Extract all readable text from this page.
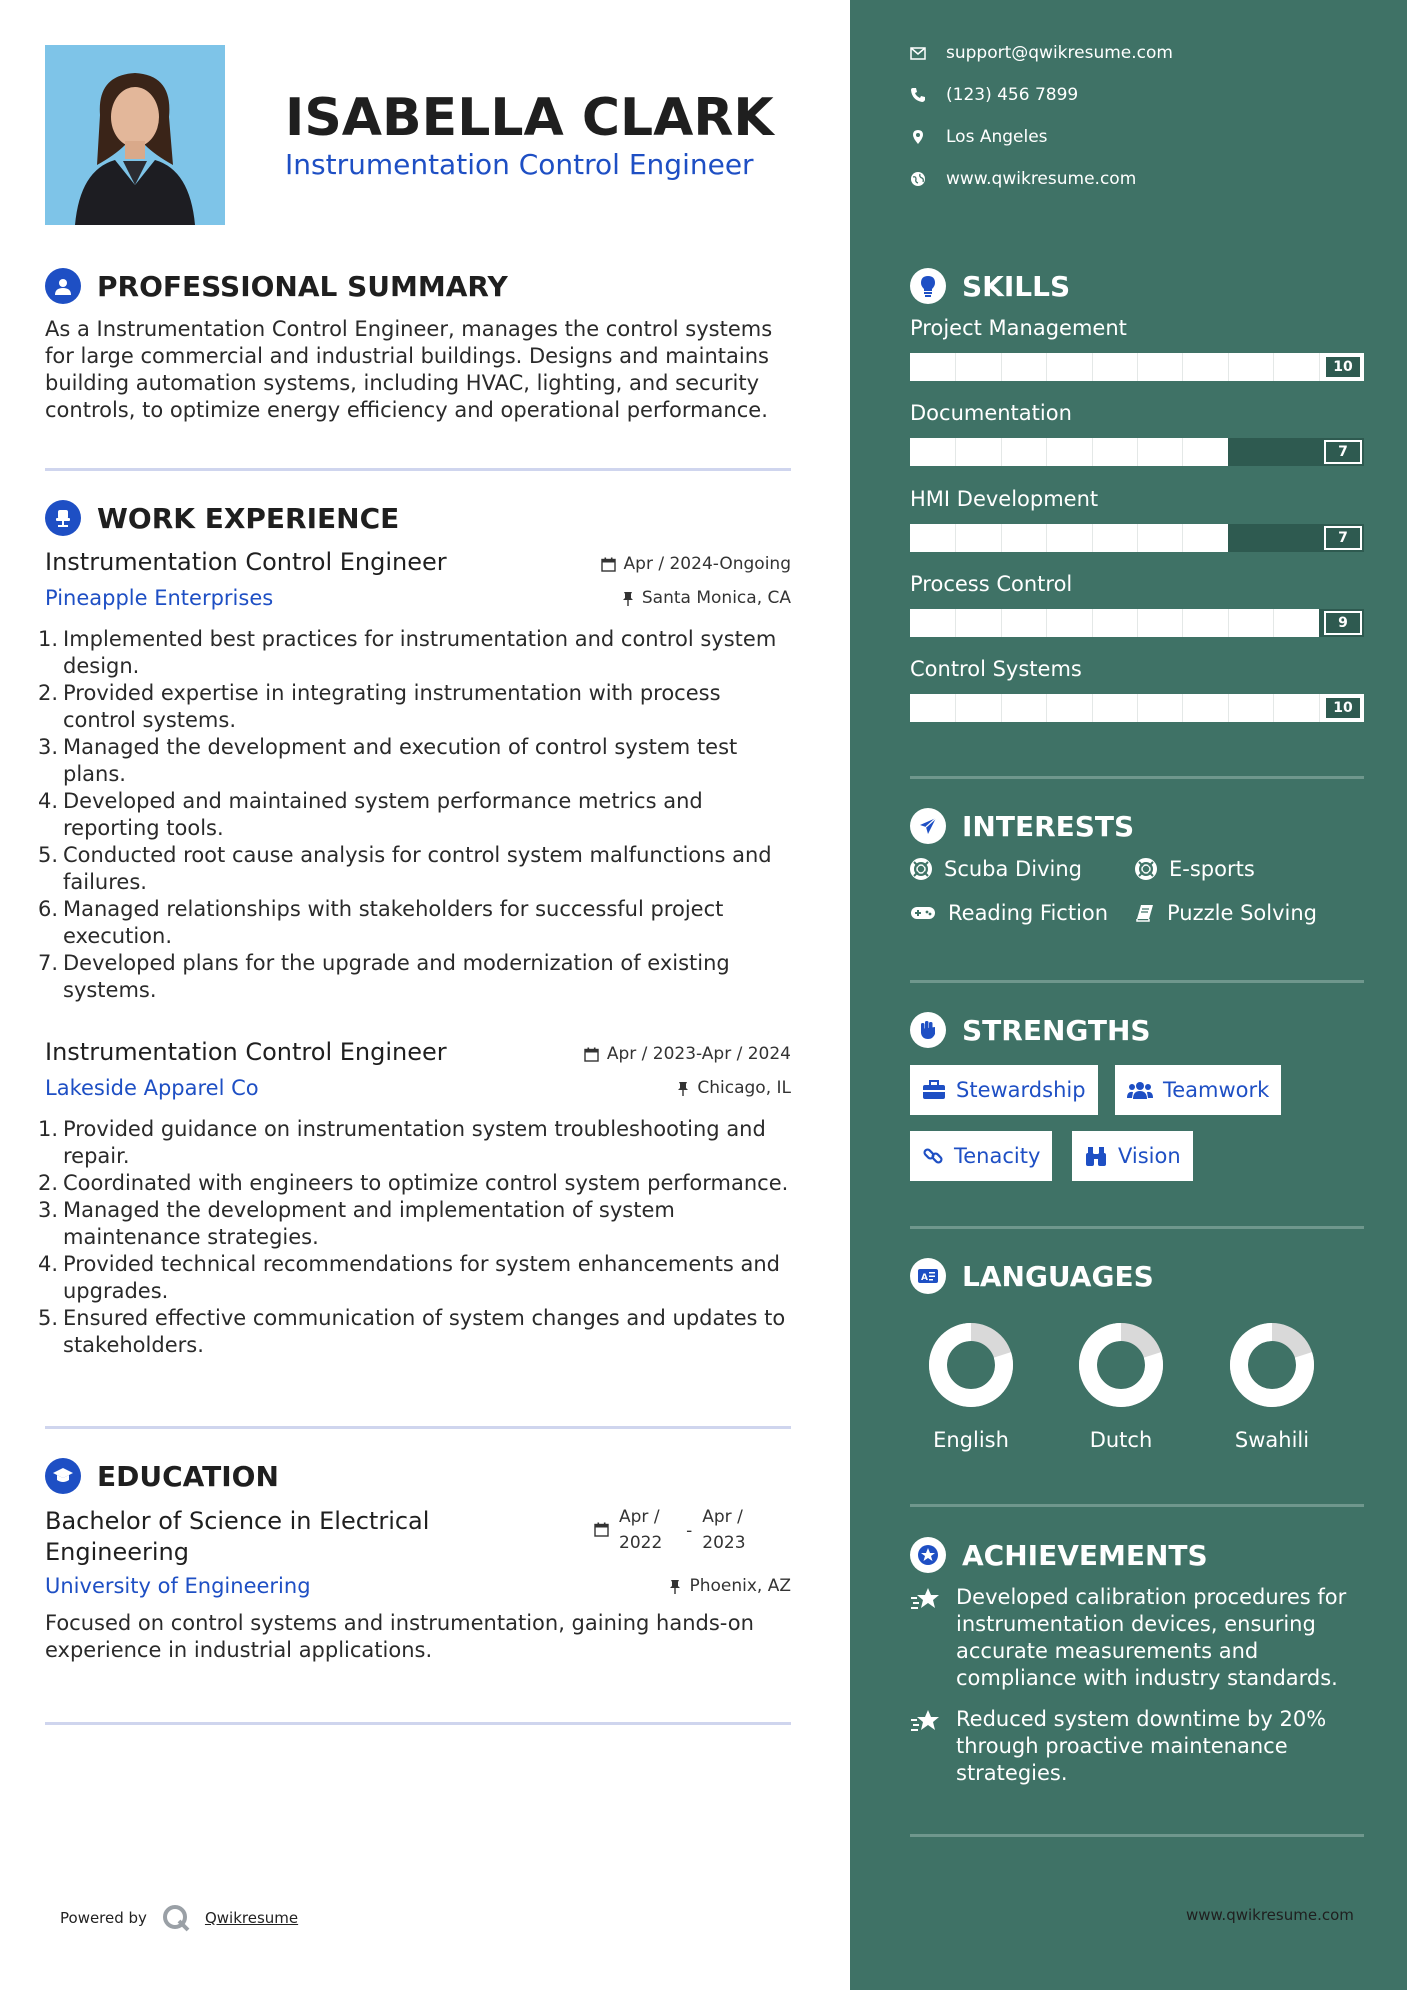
ISABELLA CLARK
Instrumentation Control Engineer
PROFESSIONAL SUMMARY
As a Instrumentation Control Engineer, manages the control systems for large commercial and industrial buildings. Designs and maintains building automation systems, including HVAC, lighting, and security controls, to optimize energy efficiency and operational performance.
WORK EXPERIENCE
Instrumentation Control Engineer	Apr / 2024-Ongoing
Pineapple Enterprises	Santa Monica, CA
1. Implemented best practices for instrumentation and control system design.
2. Provided expertise in integrating instrumentation with process control systems.
3. Managed the development and execution of control system test plans.
4. Developed and maintained system performance metrics and reporting tools.
5. Conducted root cause analysis for control system malfunctions and failures.
6. Managed relationships with stakeholders for successful project execution.
7. Developed plans for the upgrade and modernization of existing systems.
Instrumentation Control Engineer	Apr / 2023-Apr / 2024
Lakeside Apparel Co	Chicago, IL
1. Provided guidance on instrumentation system troubleshooting and repair.
2. Coordinated with engineers to optimize control system performance.
3. Managed the development and implementation of system maintenance strategies.
4. Provided technical recommendations for system enhancements and upgrades.
5. Ensured effective communication of system changes and updates to stakeholders.
EDUCATION
Bachelor of Science in Electrical
Engineering
Apr /
2022
-
Apr /
2023
University of Engineering	Phoenix, AZ
Focused on control systems and instrumentation, gaining hands-on experience in industrial applications.
Powered by	Qwikresume
support@qwikresume.com
(123) 456 7899
Los Angeles
www.qwikresume.com
SKILLS
Project Management
10
Documentation
7
HMI Development
7
Process Control
9
Control Systems
10
INTERESTS
Scuba Diving	E-sports
Reading Fiction	Puzzle Solving
STRENGTHS
Stewardship	Teamwork
Tenacity	Vision
A LANGUAGES
English	Dutch	Swahili
ACHIEVEMENTS
Developed calibration procedures for instrumentation devices, ensuring accurate measurements and compliance with industry standards.
Reduced system downtime by 20% through proactive maintenance strategies.
www.qwikresume.com
